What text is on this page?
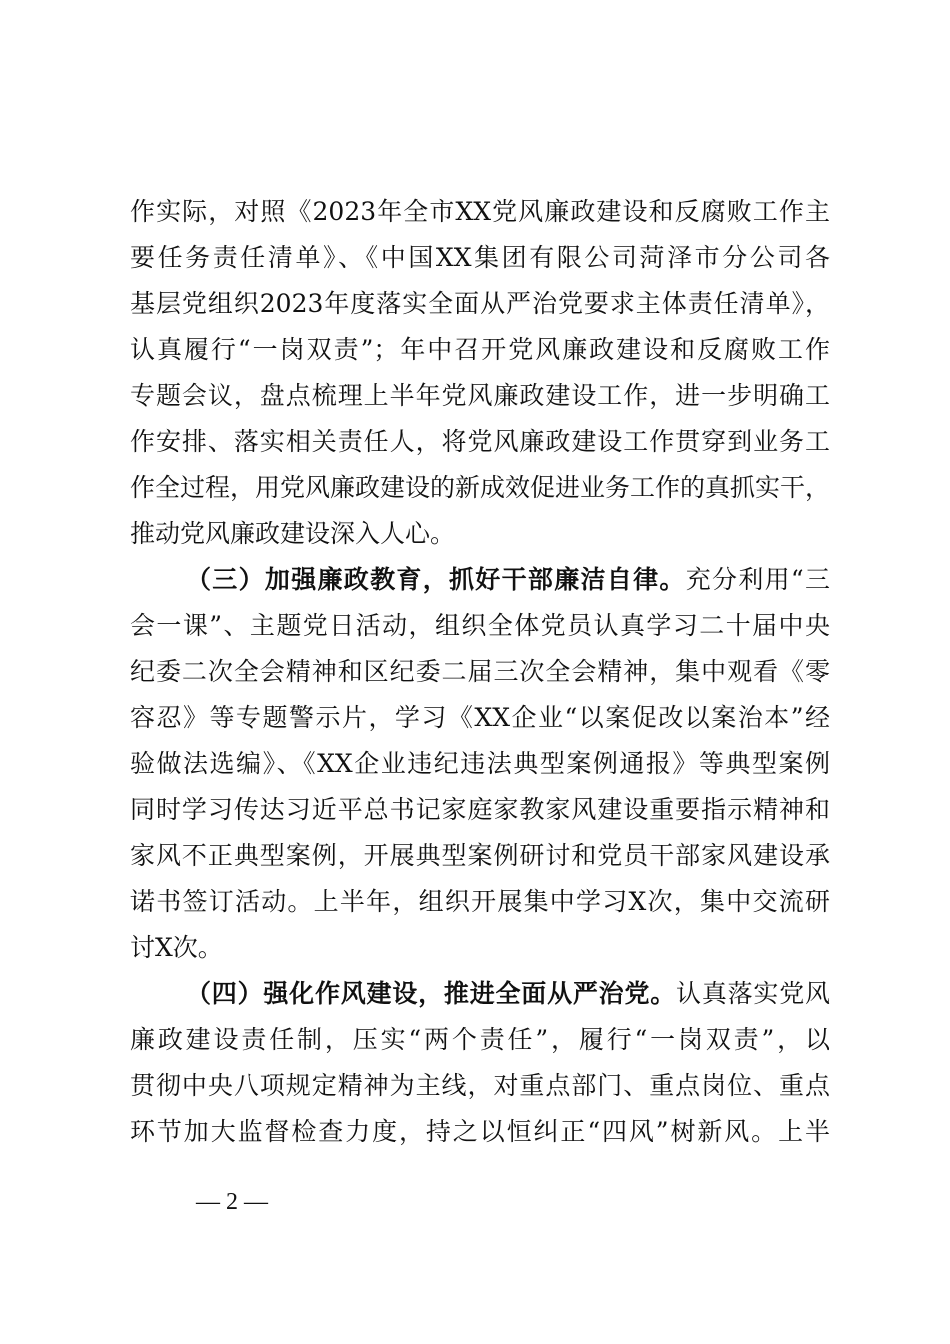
作实际，对照《2023年全市XX党风廉政建设和反腐败工作主
要任务责任清单》、《中国XX集团有限公司菏泽市分公司各
基层党组织2023年度落实全面从严治党要求主体责任清单》，
认真履行“一岗双责”；年中召开党风廉政建设和反腐败工作
专题会议，盘点梳理上半年党风廉政建设工作，进一步明确工
作安排、落实相关责任人，将党风廉政建设工作贯穿到业务工
作全过程，用党风廉政建设的新成效促进业务工作的真抓实干，
推动党风廉政建设深入人心。
（三）加强廉政教育，抓好干部廉洁自律。充分利用“三
会一课”、主题党日活动，组织全体党员认真学习二十届中央
纪委二次全会精神和区纪委二届三次全会精神，集中观看《零
容忍》等专题警示片，学习《XX企业“以案促改以案治本”经
验做法选编》、《XX企业违纪违法典型案例通报》等典型案例
同时学习传达习近平总书记家庭家教家风建设重要指示精神和
家风不正典型案例，开展典型案例研讨和党员干部家风建设承
诺书签订活动。上半年，组织开展集中学习X次，集中交流研
讨X次。
（四）强化作风建设，推进全面从严治党。认真落实党风
廉政建设责任制，压实“两个责任”，履行“一岗双责”，以
贯彻中央八项规定精神为主线，对重点部门、重点岗位、重点
环节加大监督检查力度，持之以恒纠正“四风”树新风。上半
— 2 —
